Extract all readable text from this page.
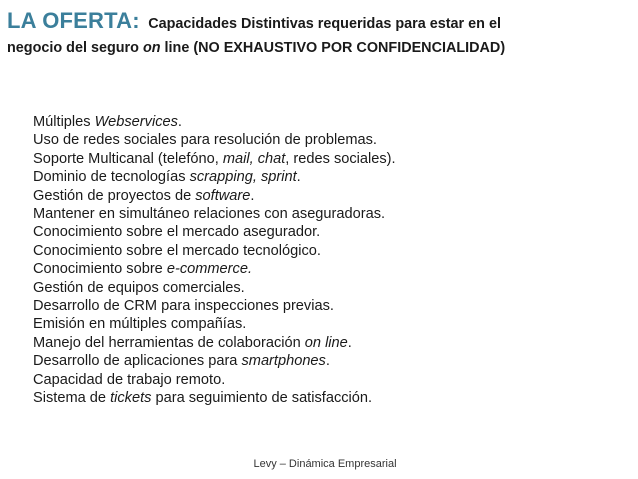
LA OFERTA: Capacidades Distintivas requeridas para estar en el
negocio del seguro on line (NO EXHAUSTIVO POR CONFIDENCIALIDAD)
Múltiples Webservices.
Uso de redes sociales para resolución de problemas.
Soporte Multicanal (telefóno, mail, chat, redes sociales).
Dominio de tecnologías scrapping, sprint.
Gestión de proyectos de software.
Mantener en simultáneo relaciones con aseguradoras.
Conocimiento sobre el mercado asegurador.
Conocimiento sobre el mercado tecnológico.
Conocimiento sobre e-commerce.
Gestión de equipos comerciales.
Desarrollo de CRM para inspecciones previas.
Emisión en múltiples compañías.
Manejo del herramientas de colaboración on line.
Desarrollo de aplicaciones para smartphones.
Capacidad de trabajo remoto.
Sistema de tickets para seguimiento de satisfacción.
Levy – Dinámica Empresarial
